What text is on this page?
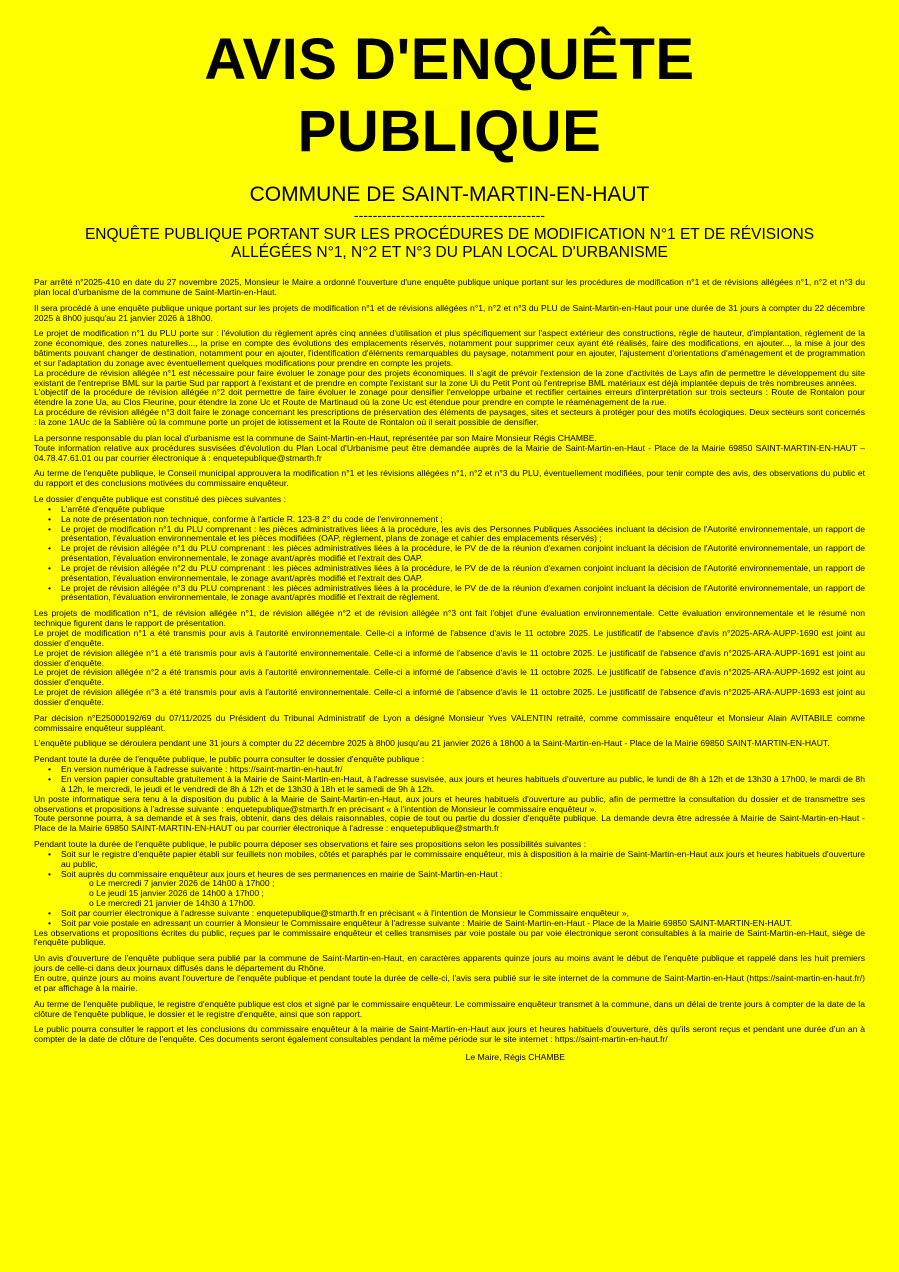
AVIS D'ENQUÊTE
PUBLIQUE
COMMUNE DE SAINT-MARTIN-EN-HAUT
-----------------------------------------
ENQUÊTE PUBLIQUE PORTANT SUR LES PROCÉDURES DE MODIFICATION N°1 ET DE RÉVISIONS ALLÉGÉES N°1, N°2 ET N°3 DU PLAN LOCAL D'URBANISME

Par arrêté n°2025-410 en date du 27 novembre 2025, Monsieur le Maire a ordonné l'ouverture d'une enquête publique unique portant sur les procédures de modification n°1 et de révisions allégées n°1, n°2 et n°3 du plan local d'urbanisme de la commune de Saint-Martin-en-Haut.

Il sera procédé à une enquête publique unique portant sur les projets de modification n°1 et de révisions allégées n°1, n°2 et n°3 du PLU de Saint-Martin-en-Haut pour une durée de 31 jours à compter du 22 décembre 2025 à 8h00 jusqu'au 21 janvier 2026 à 18h00.

Le projet de modification n°1 du PLU porte sur : l'évolution du règlement après cinq années d'utilisation et plus spécifiquement sur l'aspect extérieur des constructions, règle de hauteur, d'implantation, règlement de la zone économique, des zones naturelles..., la prise en compte des évolutions des emplacements réservés, notamment pour supprimer ceux ayant été réalisés, faire des modifications, en ajouter..., la mise à jour des bâtiments pouvant changer de destination, notamment pour en ajouter, l'identification d'éléments remarquables du paysage, notamment pour en ajouter, l'ajustement d'orientations d'aménagement et de programmation et sur l'adaptation du zonage avec éventuellement quelques modifications pour prendre en compte les projets.

La procédure de révision allégée n°1 est nécessaire pour faire évoluer le zonage pour des projets économiques. Il s'agit de prévoir l'extension de la zone d'activités de Lays afin de permettre le développement du site existant de l'entreprise BML sur la partie Sud par rapport à l'existant et de prendre en compte l'existant sur la zone Ui du Petit Pont où l'entreprise BML matériaux est déjà implantée depuis de très nombreuses années.

L'objectif de la procédure de révision allégée n°2 doit permettre de faire évoluer le zonage pour densifier l'enveloppe urbaine et rectifier certaines erreurs d'interprétation sur trois secteurs : Route de Rontalon pour étendre la zone Ua, au Clos Fleurine, pour étendre la zone Uc et Route de Martinaud où la zone Uc est étendue pour prendre en compte le réaménagement de la rue.

La procédure de révision allégée n°3 doit faire le zonage concernant les prescriptions de préservation des éléments de paysages, sites et secteurs à protéger pour des motifs écologiques. Deux secteurs sont concernés : la zone 1AUc de la Sablière où la commune porte un projet de lotissement et la Route de Rontalon où il serait possible de densifier.

La personne responsable du plan local d'urbanisme est la commune de Saint-Martin-en-Haut, représentée par son Maire Monsieur Régis CHAMBE.

Toute information relative aux procédures susvisées d'évolution du Plan Local d'Urbanisme peut être demandée auprès de la Mairie de Saint-Martin-en-Haut - Place de la Mairie 69850 SAINT-MARTIN-EN-HAUT – 04.78.47.61.01 ou par courrier électronique à : enquetepublique@stmarth.fr

Au terme de l'enquête publique, le Conseil municipal approuvera la modification n°1 et les révisions allégées n°1, n°2 et n°3 du PLU, éventuellement modifiées, pour tenir compte des avis, des observations du public et du rapport et des conclusions motivées du commissaire enquêteur.

Le dossier d'enquête publique est constitué des pièces suivantes :

• L'arrêté d'enquête publique
• La note de présentation non technique, conforme à l'article R. 123-8 2° du code de l'environnement ;
• Le projet de modification n°1 du PLU comprenant : les pièces administratives liées à la procédure, les avis des Personnes Publiques Associées incluant la décision de l'Autorité environnementale, un rapport de présentation, l'évaluation environnementale et les pièces modifiées (OAP, règlement, plans de zonage et cahier des emplacements réservés) ;
• Le projet de révision allégée n°1 du PLU comprenant : les pièces administratives liées à la procédure, le PV de de la réunion d'examen conjoint incluant la décision de l'Autorité environnementale, un rapport de présentation, l'évaluation environnementale, le zonage avant/après modifié et l'extrait des OAP.
• Le projet de révision allégée n°2 du PLU comprenant : les pièces administratives liées à la procédure, le PV de de la réunion d'examen conjoint incluant la décision de l'Autorité environnementale, un rapport de présentation, l'évaluation environnementale, le zonage avant/après modifié et l'extrait des OAP.
• Le projet de révision allégée n°3 du PLU comprenant : les pièces administratives liées à la procédure, le PV de de la réunion d'examen conjoint incluant la décision de l'Autorité environnementale, un rapport de présentation, l'évaluation environnementale, le zonage avant/après modifié et l'extrait de règlement.

Les projets de modification n°1, de révision allégée n°1, de révision allégée n°2 et de révision allégée n°3 ont fait l'objet d'une évaluation environnementale. Cette évaluation environnementale et le résumé non technique figurent dans le rapport de présentation.

Le projet de modification n°1 a été transmis pour avis à l'autorité environnementale. Celle-ci a informé de l'absence d'avis le 11 octobre 2025. Le justificatif de l'absence d'avis n°2025-ARA-AUPP-1690 est joint au dossier d'enquête.

Le projet de révision allégée n°1 a été transmis pour avis à l'autorité environnementale. Celle-ci a informé de l'absence d'avis le 11 octobre 2025. Le justificatif de l'absence d'avis n°2025-ARA-AUPP-1691 est joint au dossier d'enquête.

Le projet de révision allégée n°2 a été transmis pour avis à l'autorité environnementale. Celle-ci a informé de l'absence d'avis le 11 octobre 2025. Le justificatif de l'absence d'avis n°2025-ARA-AUPP-1692 est joint au dossier d'enquête.

Le projet de révision allégée n°3 a été transmis pour avis à l'autorité environnementale. Celle-ci a informé de l'absence d'avis le 11 octobre 2025. Le justificatif de l'absence d'avis n°2025-ARA-AUPP-1693 est joint au dossier d'enquête.

Par décision n°E25000192/69 du 07/11/2025 du Président du Tribunal Administratif de Lyon a désigné Monsieur Yves VALENTIN retraité, comme commissaire enquêteur et Monsieur Alain AVITABILE comme commissaire enquêteur suppléant.

L'enquête publique se déroulera pendant une 31 jours à compter du 22 décembre 2025 à 8h00 jusqu'au 21 janvier 2026 à 18h00 à la Saint-Martin-en-Haut - Place de la Mairie 69850 SAINT-MARTIN-EN-HAUT.

Pendant toute la durée de l'enquête publique, le public pourra consulter le dossier d'enquête publique :

• En version numérique à l'adresse suivante : https://saint-martin-en-haut.fr/
• En version papier consultable gratuitement à la Mairie de Saint-Martin-en-Haut, à l'adresse susvisée, aux jours et heures habituels d'ouverture au public, le lundi de 8h à 12h et de 13h30 à 17h00, le mardi de 8h à 12h, le mercredi, le jeudi et le vendredi de 8h à 12h et de 13h30 à 18h et le samedi de 9h à 12h.

Un poste informatique sera tenu à la disposition du public à la Mairie de Saint-Martin-en-Haut, aux jours et heures habituels d'ouverture au public, afin de permettre la consultation du dossier et de transmettre ses observations et propositions à l'adresse suivante : enquetepublique@stmarth.fr en précisant « à l'intention de Monsieur le commissaire enquêteur ».

Toute personne pourra, à sa demande et à ses frais, obtenir, dans des délais raisonnables, copie de tout ou partie du dossier d'enquête publique. La demande devra être adressée à Mairie de Saint-Martin-en-Haut - Place de la Mairie 69850 SAINT-MARTIN-EN-HAUT ou par courrier électronique à l'adresse : enquetepublique@stmarth.fr

Pendant toute la durée de l'enquête publique, le public pourra déposer ses observations et faire ses propositions selon les possibilités suivantes :

• Soit sur le registre d'enquête papier établi sur feuillets non mobiles, côtés et paraphés par le commissaire enquêteur, mis à disposition à la mairie de Saint-Martin-en-Haut aux jours et heures habituels d'ouverture au public,
• Soit auprès du commissaire enquêteur aux jours et heures de ses permanences en mairie de Saint-Martin-en-Haut :
o Le mercredi 7 janvier 2026 de 14h00 à 17h00 ;
o Le jeudi 15 janvier 2026 de 14h00 à 17h00 ;
o Le mercredi 21 janvier de 14h30 à 17h00.
• Soit par courrier électronique à l'adresse suivante : enquetepublique@stmarth.fr en précisant « à l'intention de Monsieur le Commissaire enquêteur »,
• Soit par voie postale en adressant un courrier à Monsieur le Commissaire enquêteur à l'adresse suivante : Mairie de Saint-Martin-en-Haut - Place de la Mairie 69850 SAINT-MARTIN-EN-HAUT.

Les observations et propositions écrites du public, reçues par le commissaire enquêteur et celles transmises par voie postale ou par voie électronique seront consultables à la mairie de Saint-Martin-en-Haut, siège de l'enquête publique.

Un avis d'ouverture de l'enquête publique sera publié par la commune de Saint-Martin-en-Haut, en caractères apparents quinze jours au moins avant le début de l'enquête publique et rappelé dans les huit premiers jours de celle-ci dans deux journaux diffusés dans le département du Rhône.

En outre, quinze jours au moins avant l'ouverture de l'enquête publique et pendant toute la durée de celle-ci, l'avis sera publié sur le site internet de la commune de Saint-Martin-en-Haut (https://saint-martin-en-haut.fr/) et par affichage à la mairie.

Au terme de l'enquête publique, le registre d'enquête publique est clos et signé par le commissaire enquêteur. Le commissaire enquêteur transmet à la commune, dans un délai de trente jours à compter de la date de la clôture de l'enquête publique, le dossier et le registre d'enquête, ainsi que son rapport.

Le public pourra consulter le rapport et les conclusions du commissaire enquêteur à la mairie de Saint-Martin-en-Haut aux jours et heures habituels d'ouverture, dès qu'ils seront reçus et pendant une durée d'un an à compter de la date de clôture de l'enquête. Ces documents seront également consultables pendant la même période sur le site internet : https://saint-martin-en-haut.fr/

Le Maire, Régis CHAMBE
